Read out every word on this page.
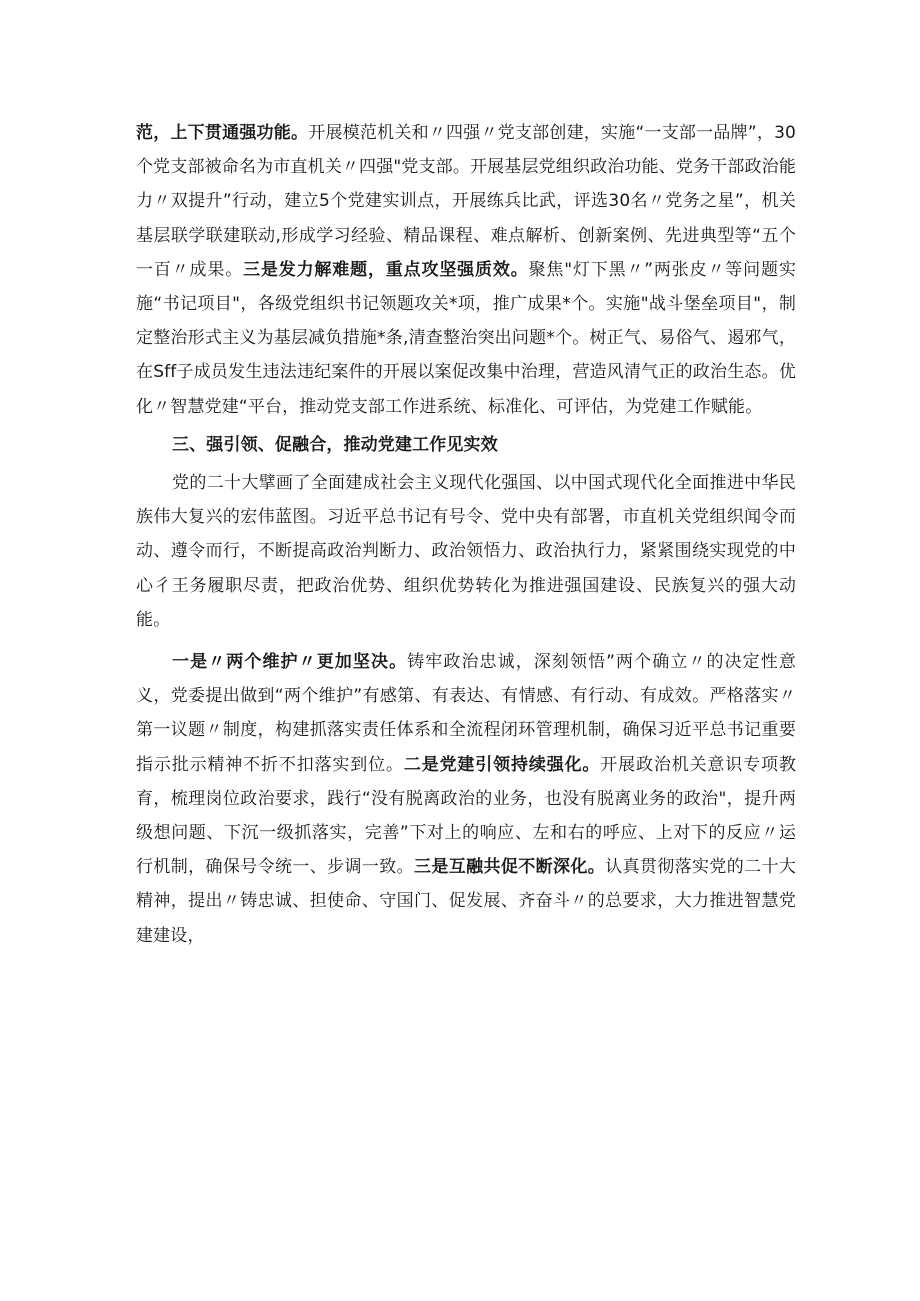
范，上下贯通强功能。开展模范机关和〃四强〃党支部创建，实施“一支部一品牌”，30个党支部被命名为市直机关〃四强"党支部。开展基层党组织政治功能、党务干部政治能力〃双提升”行动，建立5个党建实训点，开展练兵比武，评选30名〃党务之星”，机关基层联学联建联动,形成学习经验、精品课程、难点解析、创新案例、先进典型等“五个一百〃成果。三是发力解难题，重点攻坚强质效。聚焦"灯下黑〃”两张皮〃等问题实施“书记项目"，各级党组织书记领题攻关*项，推广成果*个。实施"战斗堡垒项目"，制定整治形式主义为基层减负措施*条,清查整治突出问题*个。树正气、易俗气、遏邪气，在Sff子成员发生违法违纪案件的开展以案促改集中治理，营造风清气正的政治生态。优化〃智慧党建“平台，推动党支部工作进系统、标准化、可评估，为党建工作赋能。

三、强引领、促融合，推动党建工作见实效

党的二十大擘画了全面建成社会主义现代化强国、以中国式现代化全面推进中华民族伟大复兴的宏伟蓝图。习近平总书记有号令、党中央有部署，市直机关党组织闻令而动、遵令而行，不断提高政治判断力、政治领悟力、政治执行力，紧紧围绕实现党的中心彳王务履职尽责，把政治优势、组织优势转化为推进强国建设、民族复兴的强大动能。

一是〃两个维护〃更加坚决。铸牢政治忠诚，深刻领悟”两个确立〃的决定性意义，党委提出做到“两个维护”有感第、有表达、有情感、有行动、有成效。严格落实〃第一议题〃制度，构建抓落实责任体系和全流程闭环管理机制，确保习近平总书记重要指示批示精神不折不扣落实到位。二是党建引领持续强化。开展政治机关意识专项教育，梳理岗位政治要求，践行“没有脱离政治的业务，也没有脱离业务的政治"，提升两级想问题、下沉一级抓落实，完善”下对上的响应、左和右的呼应、上对下的反应〃运行机制，确保号令统一、步调一致。三是互融共促不断深化。认真贯彻落实党的二十大精神，提出〃铸忠诚、担使命、守国门、促发展、齐奋斗〃的总要求，大力推进智慧党建建设，
